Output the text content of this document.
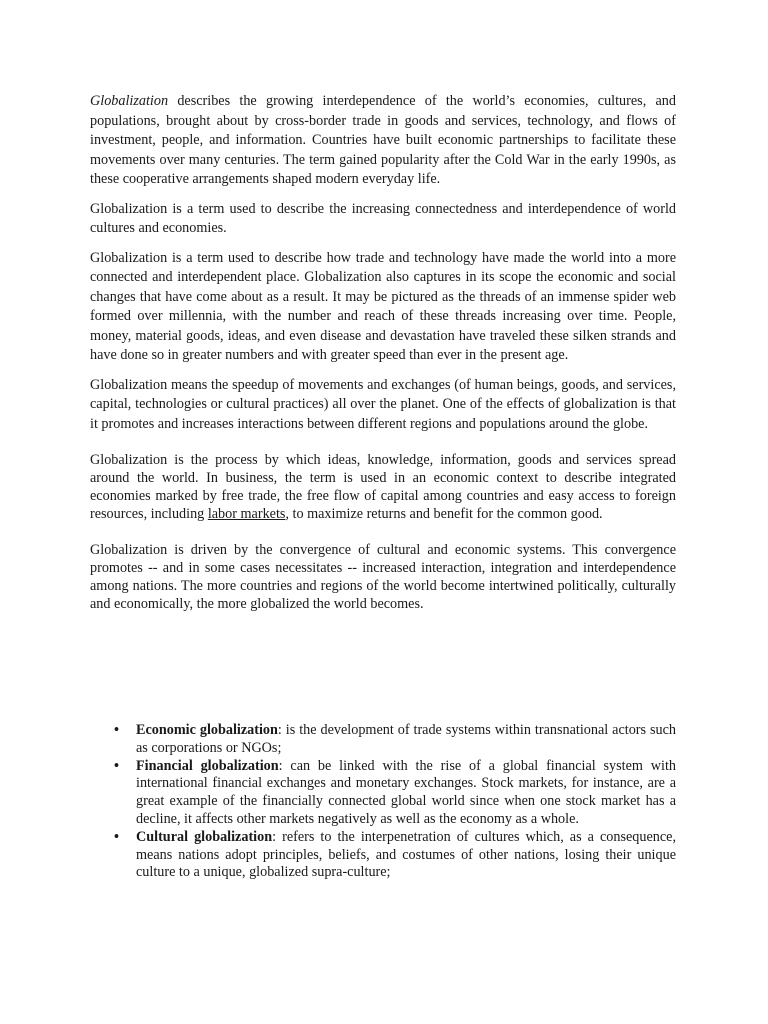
Globalization describes the growing interdependence of the world’s economies, cultures, and populations, brought about by cross-border trade in goods and services, technology, and flows of investment, people, and information. Countries have built economic partnerships to facilitate these movements over many centuries. The term gained popularity after the Cold War in the early 1990s, as these cooperative arrangements shaped modern everyday life.

Globalization is a term used to describe the increasing connectedness and interdependence of world cultures and economies.

Globalization is a term used to describe how trade and technology have made the world into a more connected and interdependent place. Globalization also captures in its scope the economic and social changes that have come about as a result. It may be pictured as the threads of an immense spider web formed over millennia, with the number and reach of these threads increasing over time. People, money, material goods, ideas, and even disease and devastation have traveled these silken strands and have done so in greater numbers and with greater speed than ever in the present age.

Globalization means the speedup of movements and exchanges (of human beings, goods, and services, capital, technologies or cultural practices) all over the planet. One of the effects of globalization is that it promotes and increases interactions between different regions and populations around the globe.

Globalization is the process by which ideas, knowledge, information, goods and services spread around the world. In business, the term is used in an economic context to describe integrated economies marked by free trade, the free flow of capital among countries and easy access to foreign resources, including labor markets, to maximize returns and benefit for the common good.

Globalization is driven by the convergence of cultural and economic systems. This convergence promotes -- and in some cases necessitates -- increased interaction, integration and interdependence among nations. The more countries and regions of the world become intertwined politically, culturally and economically, the more globalized the world becomes.

• Economic globalization: is the development of trade systems within transnational actors such as corporations or NGOs;
• Financial globalization: can be linked with the rise of a global financial system with international financial exchanges and monetary exchanges. Stock markets, for instance, are a great example of the financially connected global world since when one stock market has a decline, it affects other markets negatively as well as the economy as a whole.
• Cultural globalization: refers to the interpenetration of cultures which, as a consequence, means nations adopt principles, beliefs, and costumes of other nations, losing their unique culture to a unique, globalized supra-culture;
